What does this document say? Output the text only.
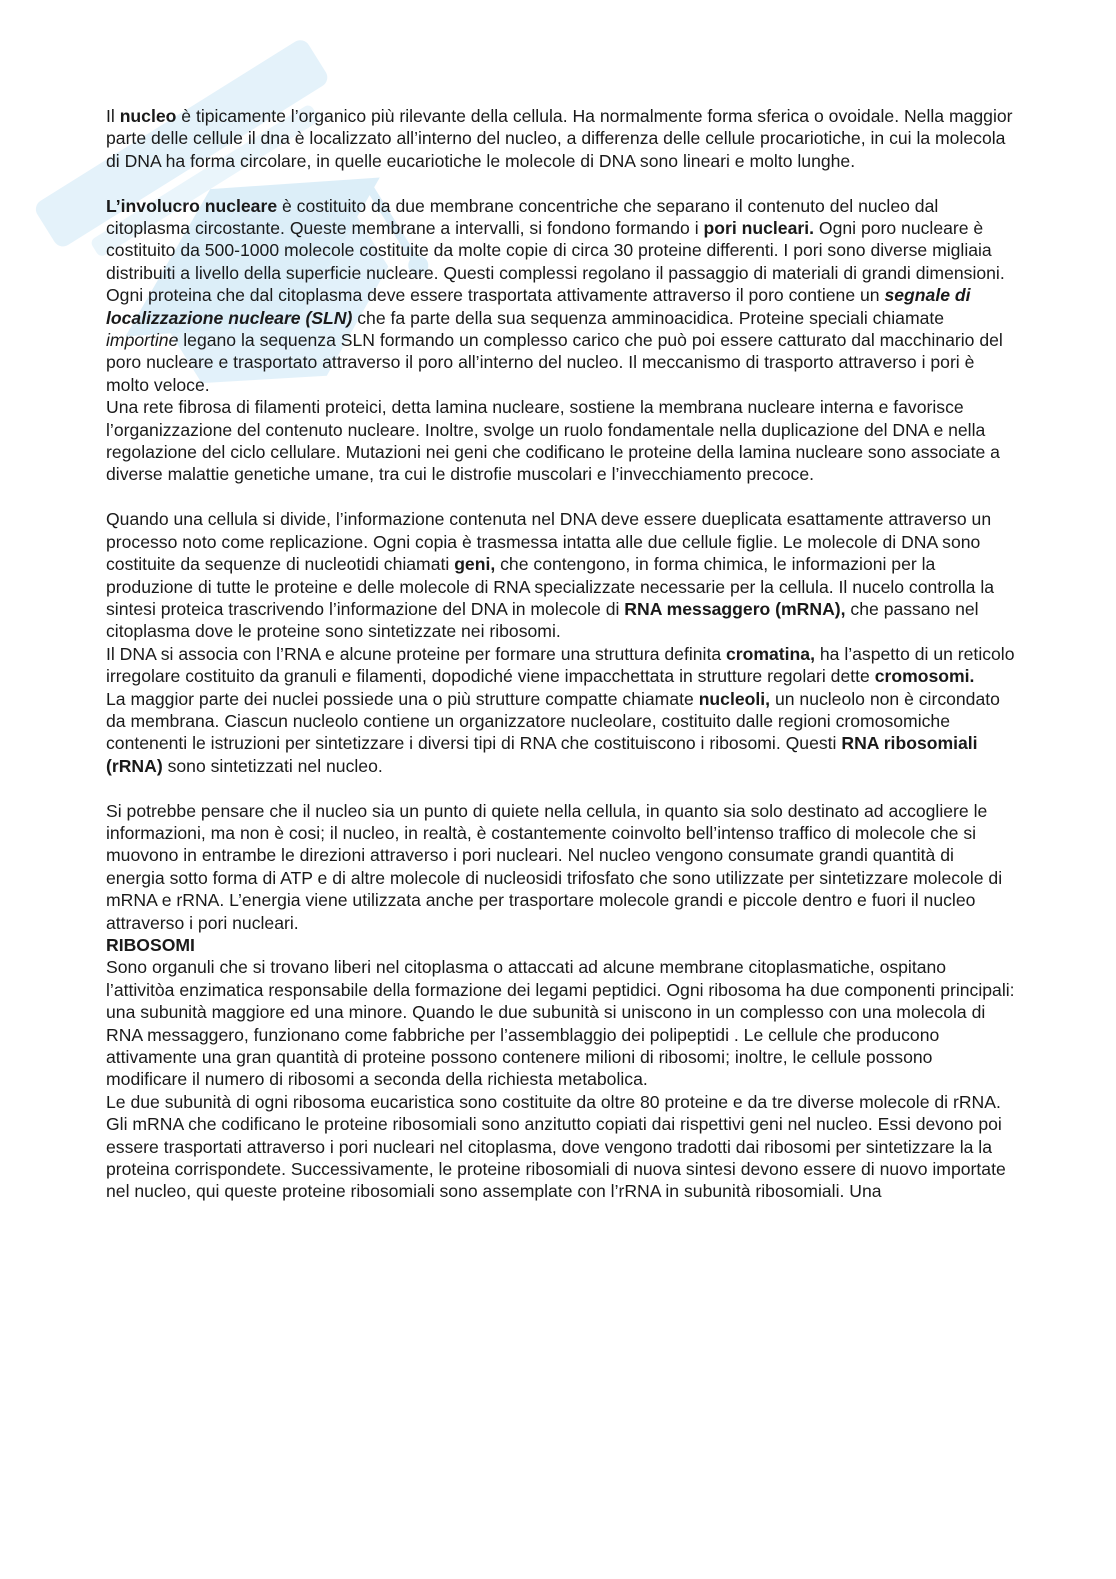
Il nucleo è tipicamente l’organico più rilevante della cellula. Ha normalmente forma sferica o ovoidale. Nella maggior parte delle cellule il dna è localizzato all’interno del nucleo, a differenza delle cellule procariotiche, in cui la molecola di DNA ha forma circolare, in quelle eucariotiche le molecole di DNA sono lineari e molto lunghe.

L’involucro nucleare è costituito da due membrane concentriche che separano il contenuto del nucleo dal citoplasma circostante. Queste membrane a intervalli, si fondono formando i pori nucleari. Ogni poro nucleare è costituito da 500-1000 molecole costituite da molte copie di circa 30 proteine differenti. I pori sono diverse migliaia distribuiti a livello della superficie nucleare. Questi complessi regolano il passaggio di materiali di grandi dimensioni. Ogni proteina che dal citoplasma deve essere trasportata attivamente attraverso il poro contiene un segnale di localizzazione nucleare (SLN) che fa parte della sua sequenza amminoacidica. Proteine speciali chiamate importine legano la sequenza SLN formando un complesso carico che può poi essere catturato dal macchinario del poro nucleare e trasportato attraverso il poro all’interno del nucleo. Il meccanismo di trasporto attraverso i pori è molto veloce.

Una rete fibrosa di filamenti proteici, detta lamina nucleare, sostiene la membrana nucleare interna e favorisce l’organizzazione del contenuto nucleare. Inoltre, svolge un ruolo fondamentale nella duplicazione del DNA e nella regolazione del ciclo cellulare. Mutazioni nei geni che codificano le proteine della lamina nucleare sono associate a diverse malattie genetiche umane, tra cui le distrofie muscolari e l’invecchiamento precoce.

Quando una cellula si divide, l’informazione contenuta nel DNA deve essere dueplicata esattamente attraverso un processo noto come replicazione. Ogni copia è trasmessa intatta alle due cellule figlie. Le molecole di DNA sono costituite da sequenze di nucleotidi chiamati geni, che contengono, in forma chimica, le informazioni per la produzione di tutte le proteine e delle molecole di RNA specializzate necessarie per la cellula. Il nucelo controlla la sintesi proteica trascrivendo l’informazione del DNA in molecole di RNA messaggero (mRNA), che passano nel citoplasma dove le proteine sono sintetizzate nei ribosomi.

Il DNA si associa con l’RNA e alcune proteine per formare una struttura definita cromatina, ha l’aspetto di un reticolo irregolare costituito da granuli e filamenti, dopodiché viene impacchettata in strutture regolari dette cromosomi.

La maggior parte dei nuclei possiede una o più strutture compatte chiamate nucleoli, un nucleolo non è circondato da membrana. Ciascun nucleolo contiene un organizzatore nucleolare, costituito dalle regioni cromosomiche contenenti le istruzioni per sintetizzare i diversi tipi di RNA che costituiscono i ribosomi. Questi RNA ribosomiali (rRNA) sono sintetizzati nel nucleo.

Si potrebbe pensare che il nucleo sia un punto di quiete nella cellula, in quanto sia solo destinato ad accogliere le informazioni, ma non è cosi; il nucleo, in realtà, è costantemente coinvolto bell’intenso traffico di molecole che si muovono in entrambe le direzioni attraverso i pori nucleari. Nel nucleo vengono consumate grandi quantità di energia sotto forma di ATP e di altre molecole di nucleosidi trifosfato che sono utilizzate per sintetizzare molecole di mRNA e rRNA. L’energia viene utilizzata anche per trasportare molecole grandi e piccole dentro e fuori il nucleo attraverso i pori nucleari.

RIBOSOMI

Sono organuli che si trovano liberi nel citoplasma o attaccati ad alcune membrane citoplasmatiche, ospitano l’attivitòa enzimatica responsabile della formazione dei legami peptidici. Ogni ribosoma ha due componenti principali: una subunità maggiore ed una minore. Quando le due subunità si uniscono in un complesso con una molecola di RNA messaggero, funzionano come fabbriche per l’assemblaggio dei polipeptidi . Le cellule che producono attivamente una gran quantità di proteine possono contenere milioni di ribosomi; inoltre, le cellule possono modificare il numero di ribosomi a seconda della richiesta metabolica.

Le due subunità di ogni ribosoma eucaristica sono costituite da oltre 80 proteine e da tre diverse molecole di rRNA. Gli mRNA che codificano le proteine ribosomiali sono anzitutto copiati dai rispettivi geni nel nucleo. Essi devono poi essere trasportati attraverso i pori nucleari nel citoplasma, dove vengono tradotti dai ribosomi per sintetizzare la la proteina corrispondete. Successivamente, le proteine ribosomiali di nuova sintesi devono essere di nuovo importate nel nucleo, qui queste proteine ribosomiali sono assemplate con l’rRNA in subunità ribosomiali. Una
